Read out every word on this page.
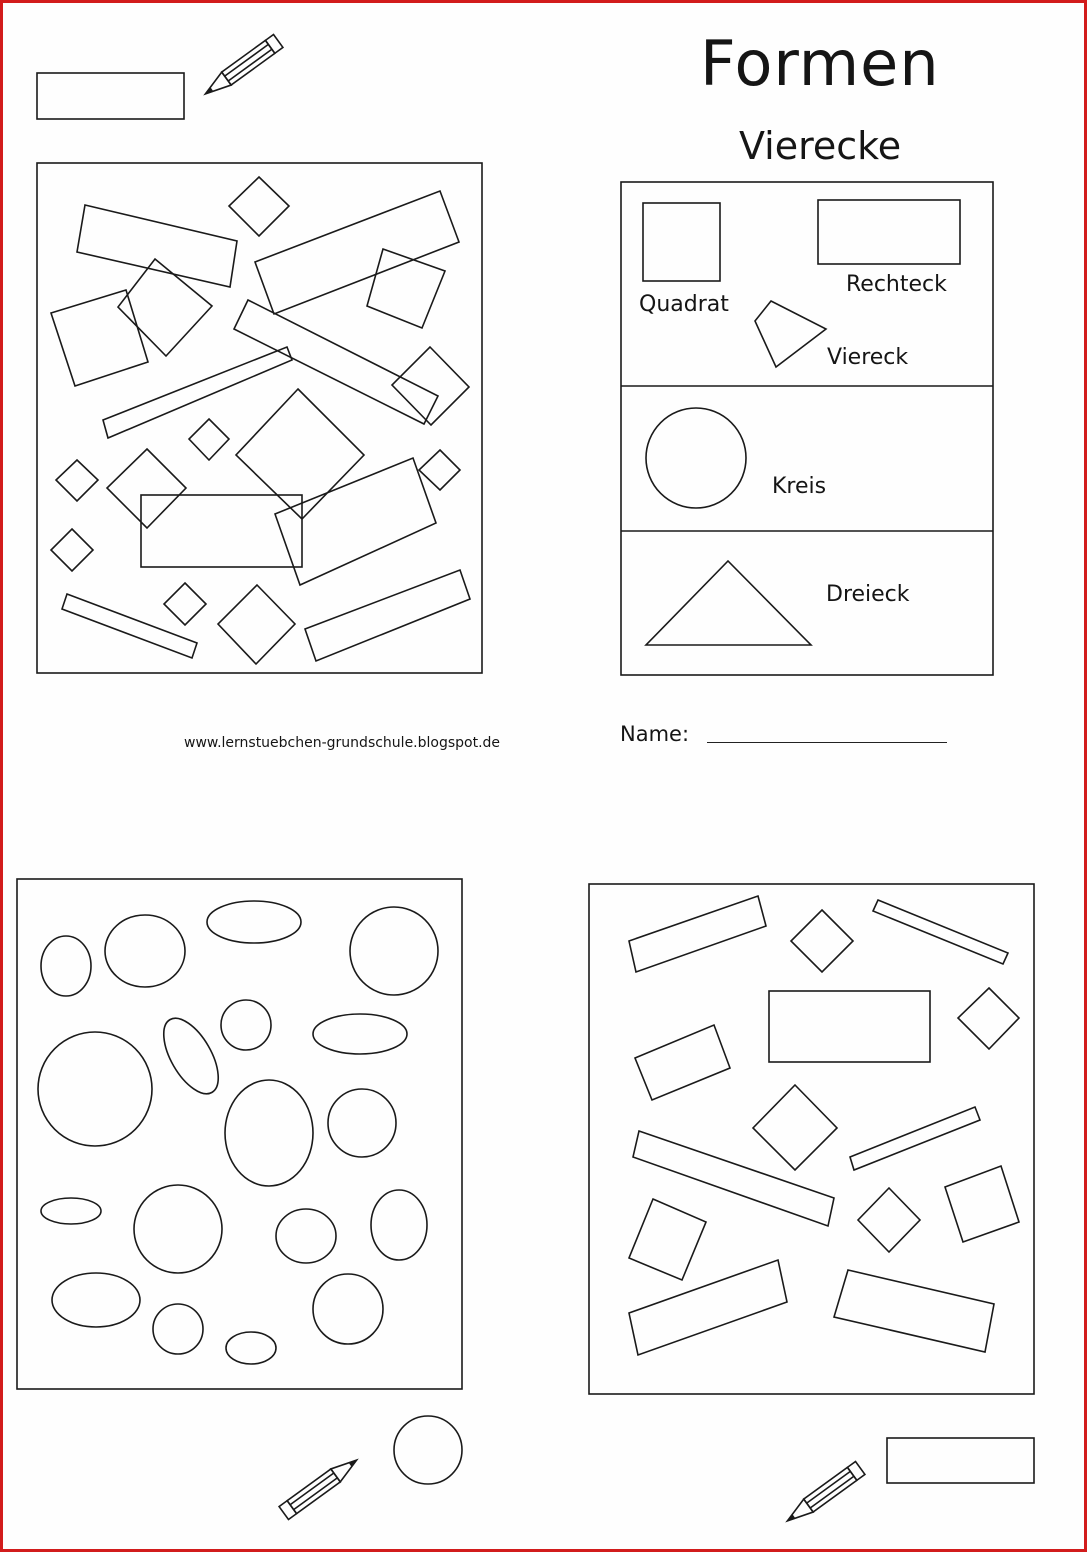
Formen
Vierecke
Quadrat
Rechteck
Viereck
Kreis
Dreieck
www.lernstuebchen-grundschule.blogspot.de	Name:
